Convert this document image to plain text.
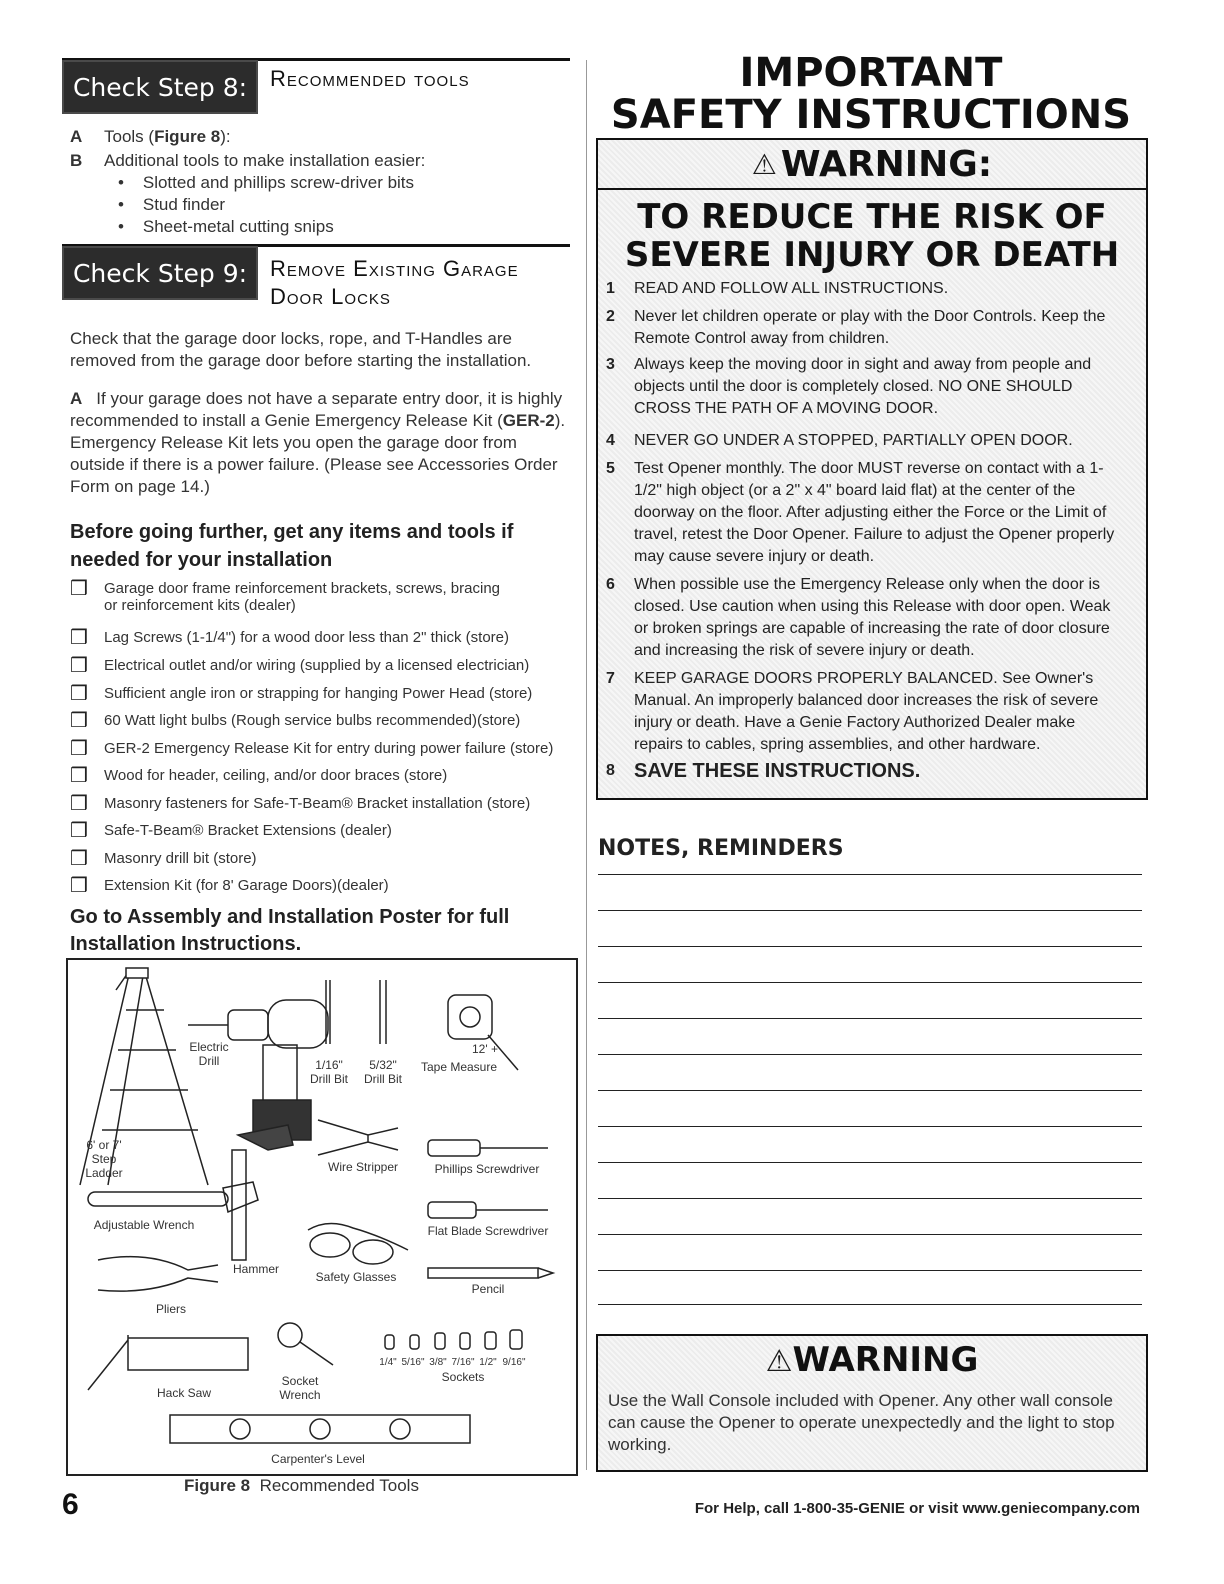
Check Step 8:	Recommended tools
A Tools (Figure 8):
B Additional tools to make installation easier:
•    Slotted and phillips screw-driver bits
•    Stud finder
•    Sheet-metal cutting snips
Check Step 9:	Remove Existing Garage
Door Locks
Check that the garage door locks, rope, and T-Handles are removed from the garage door before starting the installation.
A If your garage does not have a separate entry door, it is highly recommended to install a Genie Emergency Release Kit (GER-2). Emergency Release Kit lets you open the garage door from outside if there is a power failure. (Please see Accessories Order Form on page 14.)
Before going further, get any items and tools if needed for your installation
❒	Garage door frame reinforcement brackets, screws, bracing
or reinforcement kits (dealer)
❒	Lag Screws (1-1/4") for a wood door less than 2" thick (store)
❒	Electrical outlet and/or wiring (supplied by a licensed electrician)
❒	Sufficient angle iron or strapping for hanging Power Head (store)
❒	60 Watt light bulbs (Rough service bulbs recommended)(store)
❒	GER-2 Emergency Release Kit for entry during power failure (store)
❒	Wood for header, ceiling, and/or door braces (store)
❒	Masonry fasteners for Safe-T-Beam® Bracket installation (store)
❒	Safe-T-Beam® Bracket Extensions (dealer)
❒	Masonry drill bit (store)
❒	Extension Kit (for 8' Garage Doors)(dealer)
Go to Assembly and Installation Poster for full Installation Instructions.
Electric Drill	1/16" Drill Bit
5/32" Drill Bit
12' +
Tape Measure
6' or 7' Step Ladder	Wire Stripper	Phillips Screwdriver
Adjustable Wrench	Flat Blade Screwdriver
Hammer
Safety Glasses
Pencil
Pliers
Hack Saw
Socket Wrench
1/4" 5/16" 3/8" 7/16" 1/2" 9/16"
Sockets
Carpenter's Level
Figure 8 Recommended Tools
6
IMPORTANT
SAFETY INSTRUCTIONS
⚠ WARNING:
TO REDUCE THE RISK OF
SEVERE INJURY OR DEATH
1 READ AND FOLLOW ALL INSTRUCTIONS.
2 Never let children operate or play with the Door Controls. Keep the Remote Control away from children.
3 Always keep the moving door in sight and away from people and objects until the door is completely closed. NO ONE SHOULD CROSS THE PATH OF A MOVING DOOR.
4 NEVER GO UNDER A STOPPED, PARTIALLY OPEN DOOR.
5 Test Opener monthly. The door MUST reverse on contact with a 1-1/2" high object (or a 2" x 4" board laid flat) at the center of the doorway on the floor. After adjusting either the Force or the Limit of travel, retest the Door Opener. Failure to adjust the Opener properly may cause severe injury or death.
6 When possible use the Emergency Release only when the door is closed. Use caution when using this Release with door open. Weak or broken springs are capable of increasing the rate of door closure and increasing the risk of severe injury or death.
7 KEEP GARAGE DOORS PROPERLY BALANCED. See Owner's Manual. An improperly balanced door increases the risk of severe injury or death. Have a Genie Factory Authorized Dealer make repairs to cables, spring assemblies, and other hardware.
8 SAVE THESE INSTRUCTIONS.
NOTES, REMINDERS
⚠WARNING
Use the Wall Console included with Opener. Any other wall console can cause the Opener to operate unexpectedly and the light to stop working.
For Help, call 1-800-35-GENIE or visit www.geniecompany.com
